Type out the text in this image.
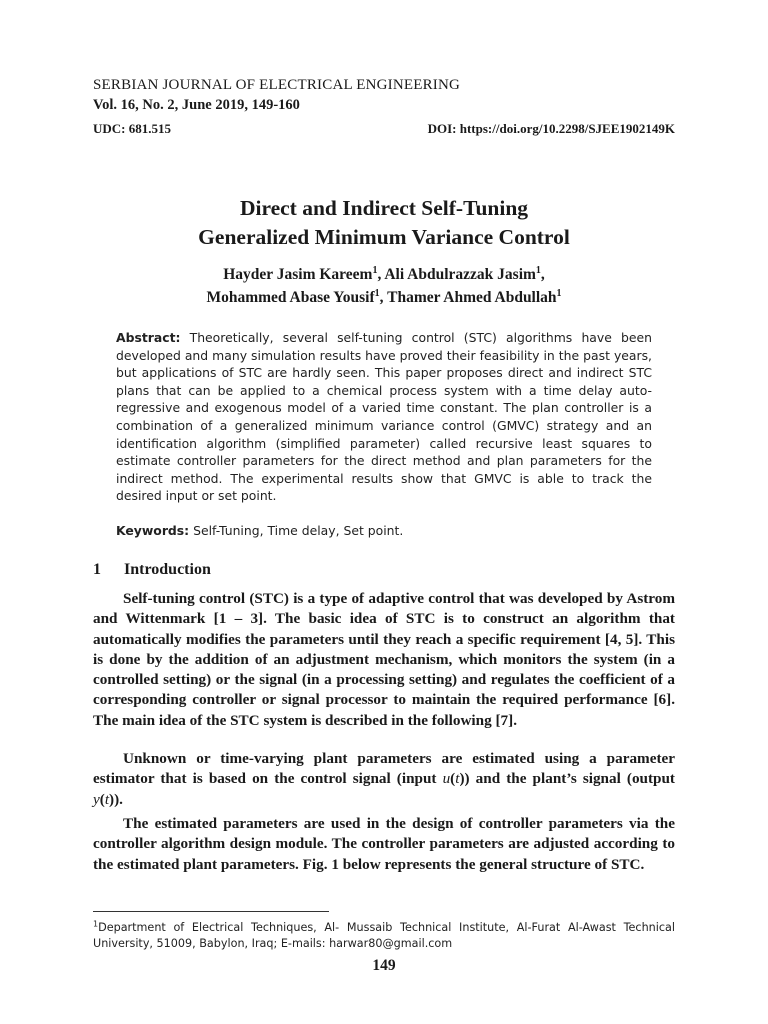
SERBIAN JOURNAL OF ELECTRICAL ENGINEERING
Vol. 16, No. 2, June 2019, 149-160
UDC: 681.515	DOI: https://doi.org/10.2298/SJEE1902149K
Direct and Indirect Self-Tuning
Generalized Minimum Variance Control
Hayder Jasim Kareem$^1$, Ali Abdulrazzak Jasim$^1$,
Mohammed Abase Yousif$^1$, Thamer Ahmed Abdullah$^1$
Abstract: Theoretically, several self-tuning control (STC) algorithms have been developed and many simulation results have proved their feasibility in the past years, but applications of STC are hardly seen. This paper proposes direct and indirect STC plans that can be applied to a chemical process system with a time delay auto-regressive and exogenous model of a varied time constant. The plan controller is a combination of a generalized minimum variance control (GMVC) strategy and an identification algorithm (simplified parameter) called recursive least squares to estimate controller parameters for the direct method and plan parameters for the indirect method. The experimental results show that GMVC is able to track the desired input or set point.
Keywords: Self-Tuning, Time delay, Set point.
1 Introduction

Self-tuning control (STC) is a type of adaptive control that was developed by Astrom and Wittenmark [1 – 3]. The basic idea of STC is to construct an algorithm that automatically modifies the parameters until they reach a specific requirement [4, 5]. This is done by the addition of an adjustment mechanism, which monitors the system (in a controlled setting) or the signal (in a processing setting) and regulates the coefficient of a corresponding controller or signal processor to maintain the required performance [6]. The main idea of the STC system is described in the following [7].

Unknown or time-varying plant parameters are estimated using a parameter estimator that is based on the control signal (input u(t)) and the plant’s signal (output y(t)).

The estimated parameters are used in the design of controller parameters via the controller algorithm design module. The controller parameters are adjusted according to the estimated plant parameters. Fig. 1 below represents the general structure of STC.

$^1$Department of Electrical Techniques, Al- Mussaib Technical Institute, Al-Furat Al-Awast Technical University, 51009, Babylon, Iraq; E-mails: harwar80@gmail.com
149
